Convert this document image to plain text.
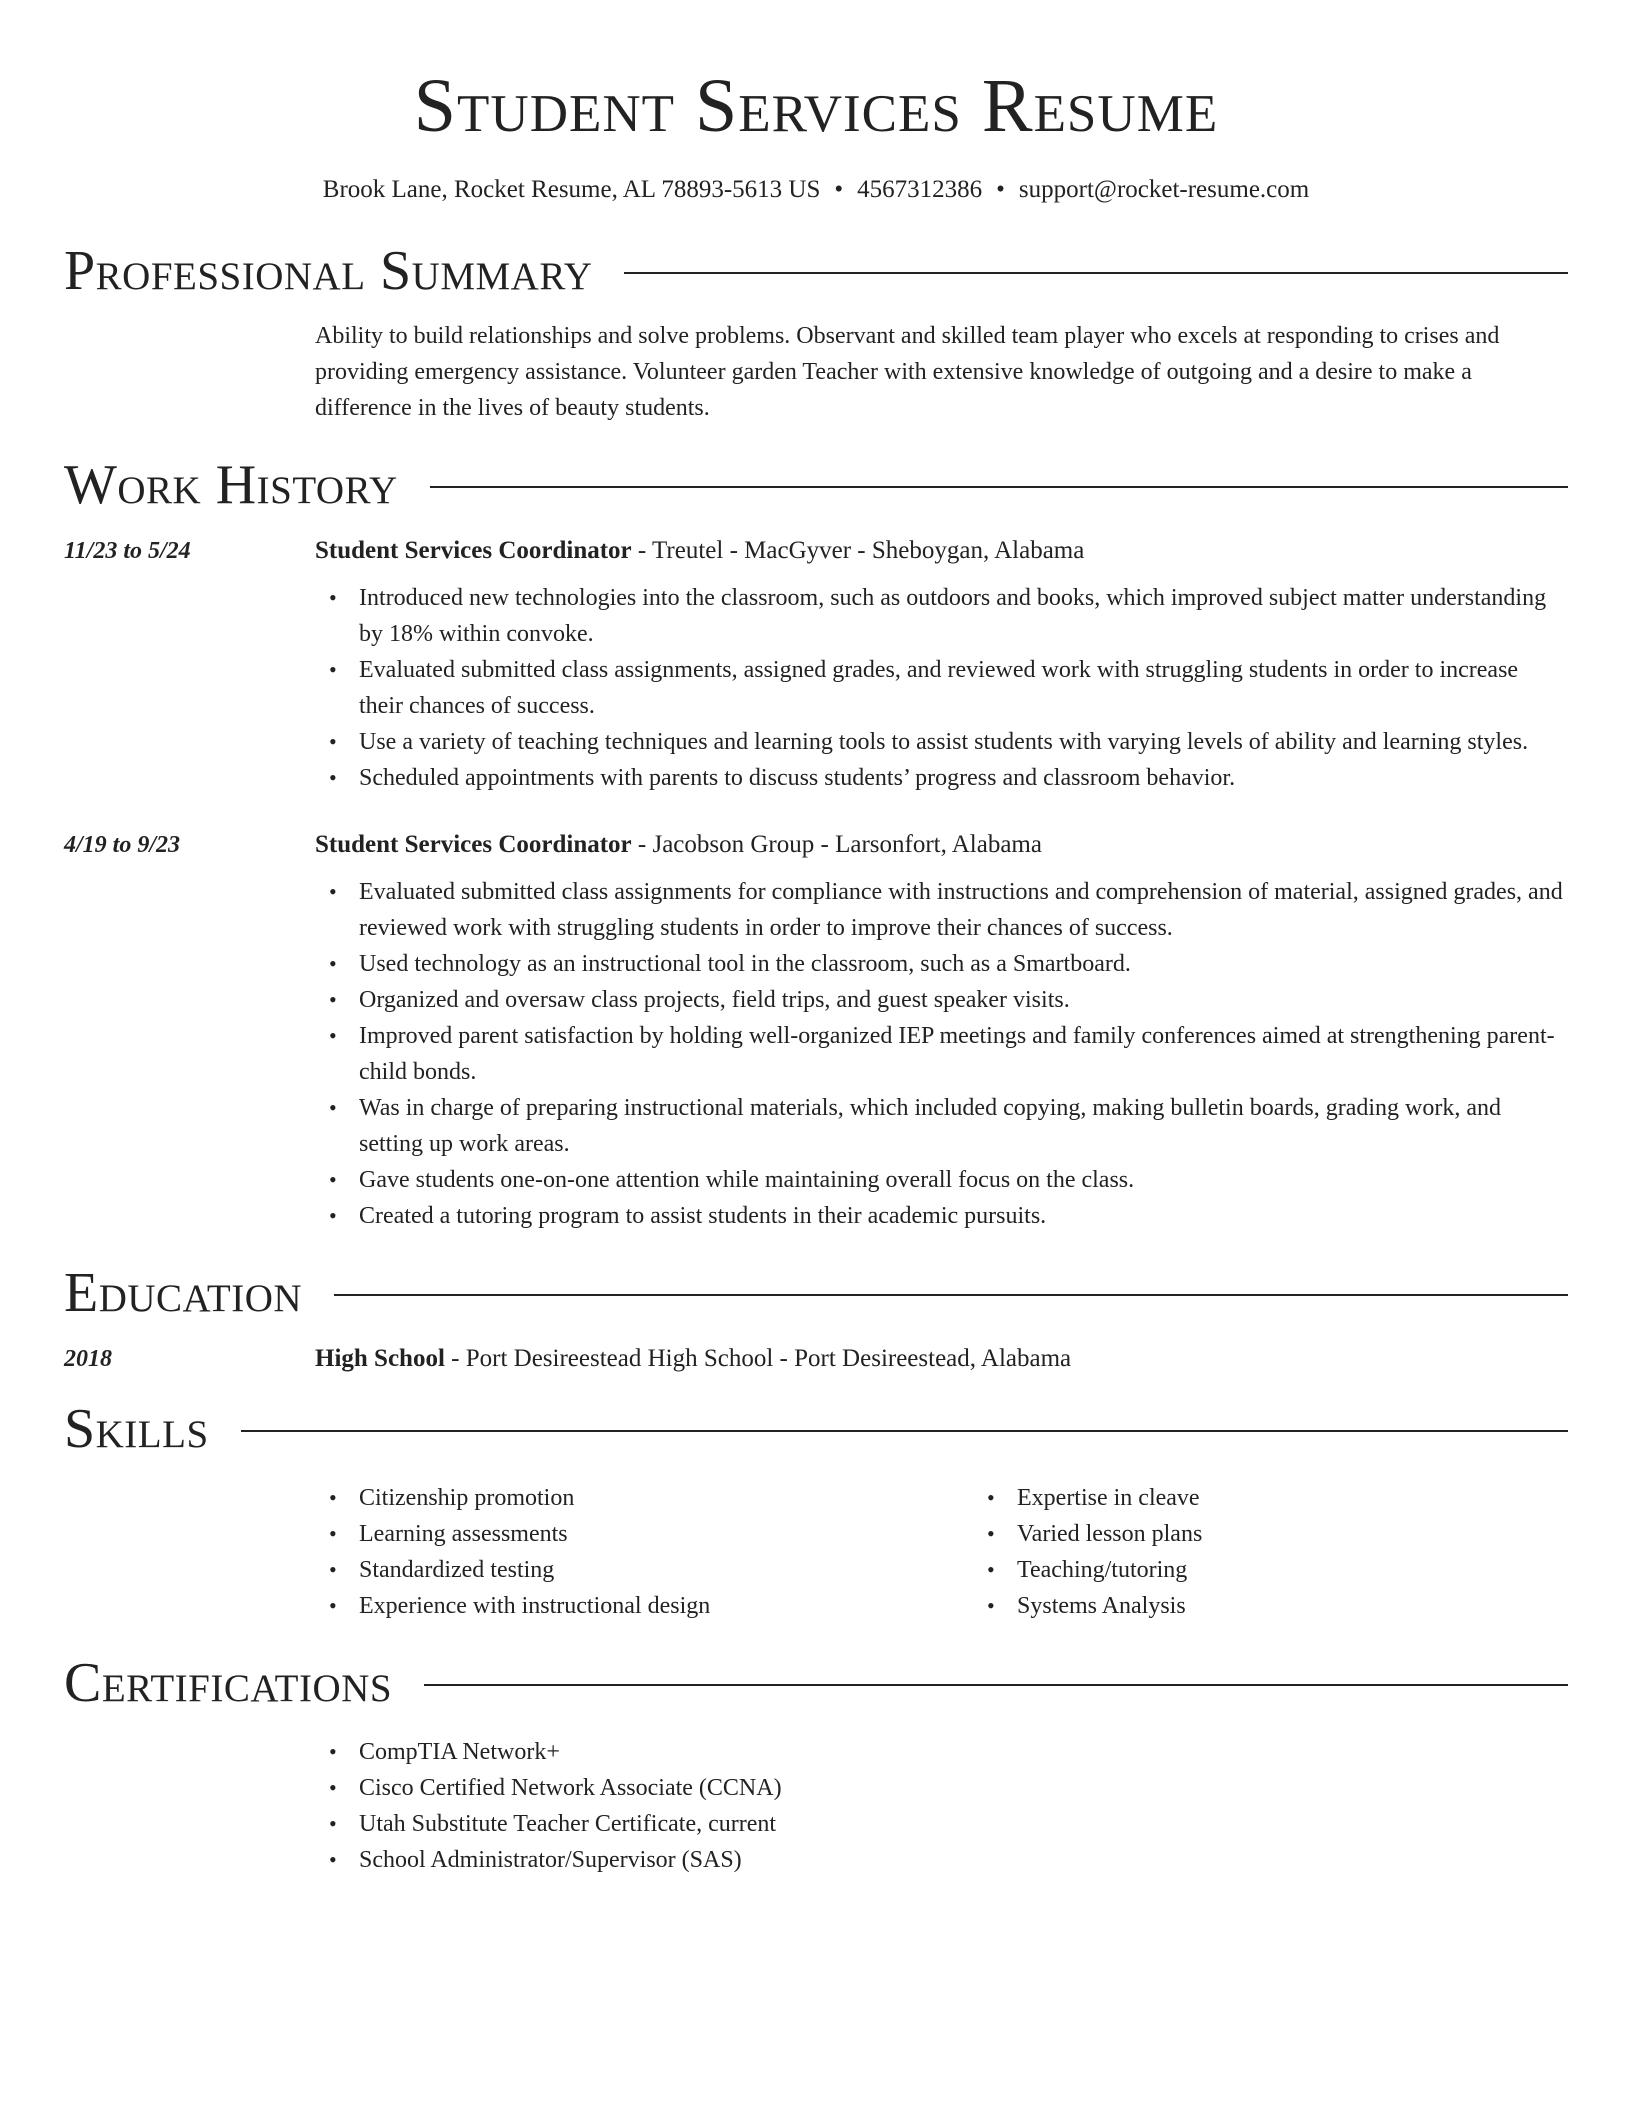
Student Services Resume
Brook Lane, Rocket Resume, AL 78893-5613 US • 4567312386 • support@rocket-resume.com
Professional Summary
Ability to build relationships and solve problems. Observant and skilled team player who excels at responding to crises and providing emergency assistance. Volunteer garden Teacher with extensive knowledge of outgoing and a desire to make a difference in the lives of beauty students.
Work History
11/23 to 5/24	Student Services Coordinator - Treutel - MacGyver - Sheboygan, Alabama
• Introduced new technologies into the classroom, such as outdoors and books, which improved subject matter understanding by 18% within convoke.
• Evaluated submitted class assignments, assigned grades, and reviewed work with struggling students in order to increase their chances of success.
• Use a variety of teaching techniques and learning tools to assist students with varying levels of ability and learning styles.
• Scheduled appointments with parents to discuss students’ progress and classroom behavior.
4/19 to 9/23	Student Services Coordinator - Jacobson Group - Larsonfort, Alabama
• Evaluated submitted class assignments for compliance with instructions and comprehension of material, assigned grades, and reviewed work with struggling students in order to improve their chances of success.
• Used technology as an instructional tool in the classroom, such as a Smartboard.
• Organized and oversaw class projects, field trips, and guest speaker visits.
• Improved parent satisfaction by holding well-organized IEP meetings and family conferences aimed at strengthening parent-child bonds.
• Was in charge of preparing instructional materials, which included copying, making bulletin boards, grading work, and setting up work areas.
• Gave students one-on-one attention while maintaining overall focus on the class.
• Created a tutoring program to assist students in their academic pursuits.
Education
2018	High School - Port Desireestead High School - Port Desireestead, Alabama
Skills
• Citizenship promotion
• Learning assessments
• Standardized testing
• Experience with instructional design
• Expertise in cleave
• Varied lesson plans
• Teaching/tutoring
• Systems Analysis
Certifications
• CompTIA Network+
• Cisco Certified Network Associate (CCNA)
• Utah Substitute Teacher Certificate, current
• School Administrator/Supervisor (SAS)
